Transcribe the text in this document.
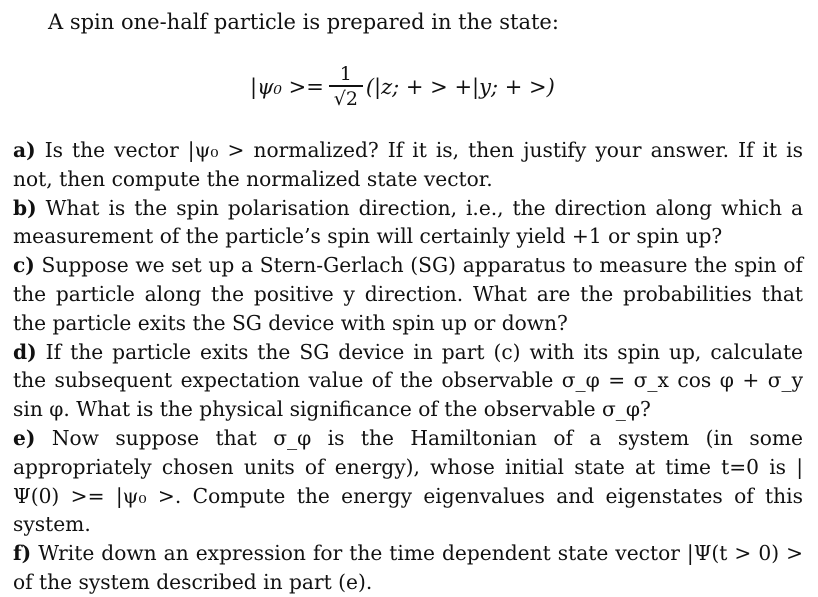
A spin one-half particle is prepared in the state:
$|\psi_0 >= \frac{1}{√2} (|z$; + > +|y; + >)

a) Is the vector |ψ₀ > normalized? If it is, then justify your answer. If it is not, then compute the normalized state vector.

b) What is the spin polarisation direction, i.e., the direction along which a measurement of the particle’s spin will certainly yield +1 or spin up?

c) Suppose we set up a Stern-Gerlach (SG) apparatus to measure the spin of the particle along the positive y direction. What are the probabilities that the particle exits the SG device with spin up or down?

d) If the particle exits the SG device in part (c) with its spin up, calculate the subsequent expectation value of the observable σ_φ = σ_x cos φ + σ_y sin φ. What is the physical significance of the observable σ_φ?

e) Now suppose that σ_φ is the Hamiltonian of a system (in some appropriately chosen units of energy), whose initial state at time t=0 is |Ψ(0) >= |ψ₀ >. Compute the energy eigenvalues and eigenstates of this system.

f) Write down an expression for the time dependent state vector |Ψ(t > 0) > of the system described in part (e).
